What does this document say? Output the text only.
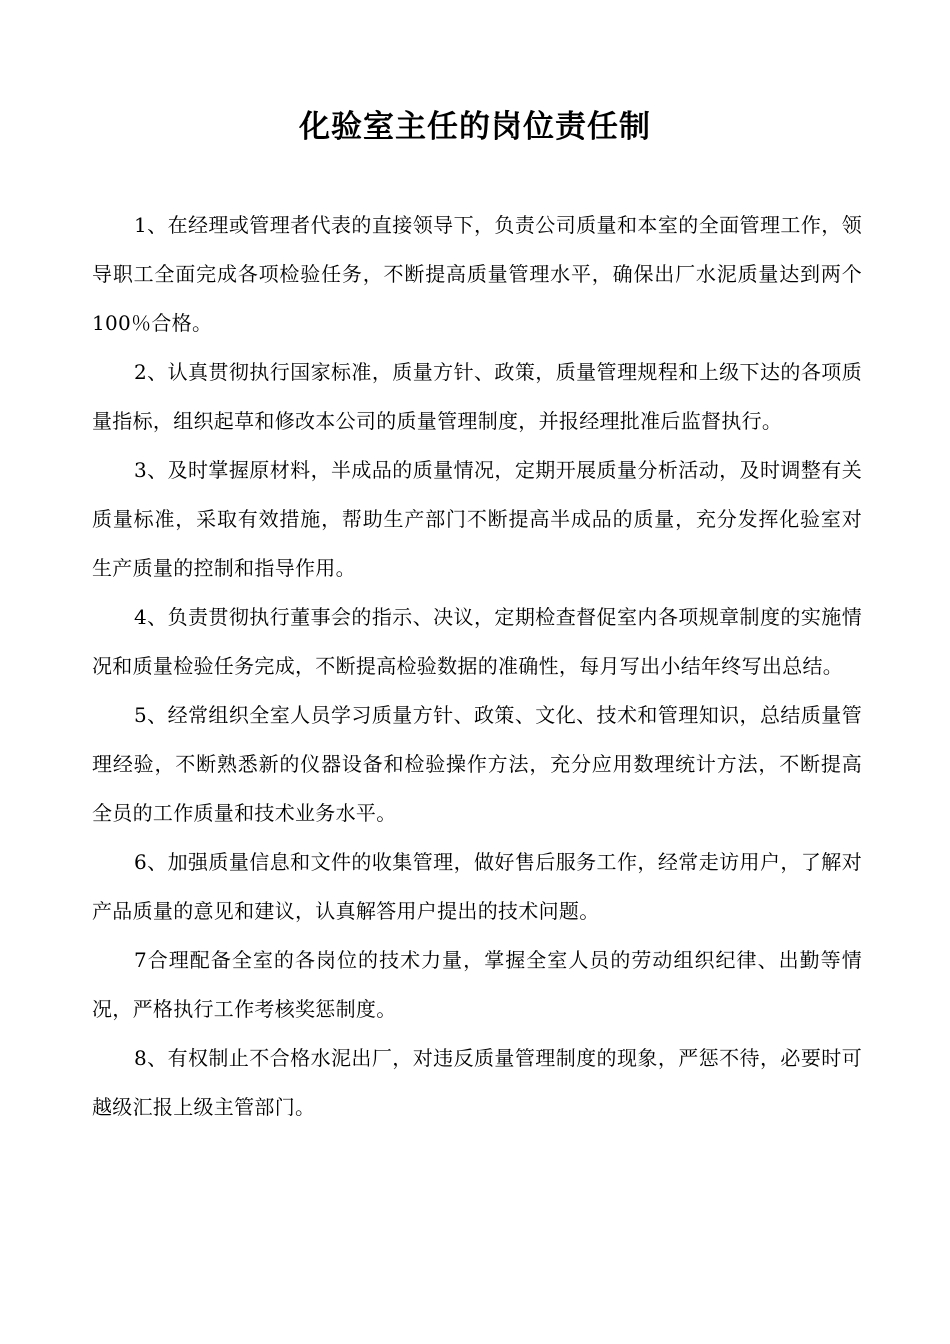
化验室主任的岗位责任制

1、在经理或管理者代表的直接领导下，负责公司质量和本室的全面管理工作，领导职工全面完成各项检验任务，不断提高质量管理水平，确保出厂水泥质量达到两个100％合格。

2、认真贯彻执行国家标准，质量方针、政策，质量管理规程和上级下达的各项质量指标，组织起草和修改本公司的质量管理制度，并报经理批准后监督执行。

3、及时掌握原材料，半成品的质量情况，定期开展质量分析活动，及时调整有关质量标准，采取有效措施，帮助生产部门不断提高半成品的质量，充分发挥化验室对生产质量的控制和指导作用。

4、负责贯彻执行董事会的指示、决议，定期检查督促室内各项规章制度的实施情况和质量检验任务完成，不断提高检验数据的准确性，每月写出小结年终写出总结。

5、经常组织全室人员学习质量方针、政策、文化、技术和管理知识，总结质量管理经验，不断熟悉新的仪器设备和检验操作方法，充分应用数理统计方法，不断提高全员的工作质量和技术业务水平。

6、加强质量信息和文件的收集管理，做好售后服务工作，经常走访用户，了解对产品质量的意见和建议，认真解答用户提出的技术问题。

7合理配备全室的各岗位的技术力量，掌握全室人员的劳动组织纪律、出勤等情况，严格执行工作考核奖惩制度。

8、有权制止不合格水泥出厂，对违反质量管理制度的现象，严惩不待，必要时可越级汇报上级主管部门。
